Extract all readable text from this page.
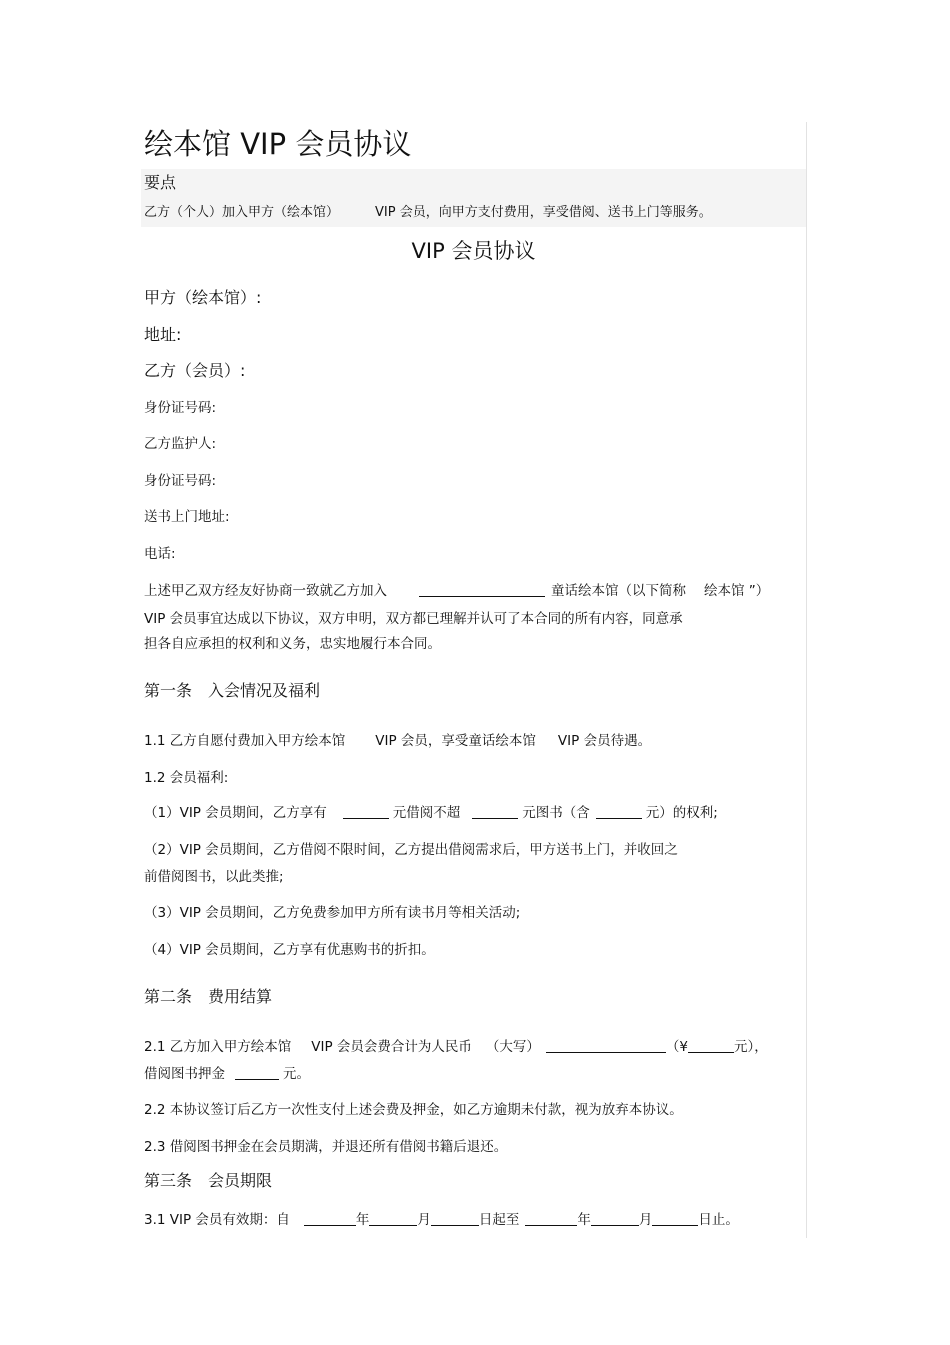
绘本馆 VIP 会员协议
要点
乙方（个人）加入甲方（绘本馆）	VIP 会员，向甲方支付费用，享受借阅、送书上门等服务。
VIP 会员协议
甲方（绘本馆）:
地址:
乙方（会员）:
身份证号码:
乙方监护人:
身份证号码:
送书上门地址:
电话:
上述甲乙双方经友好协商一致就乙方加入	童话绘本馆（以下简称 绘本馆 ”）
VIP 会员事宜达成以下协议，双方申明，双方都已理解并认可了本合同的所有内容，同意承
担各自应承担的权利和义务，忠实地履行本合同。
第一条　入会情况及福利
1.1 乙方自愿付费加入甲方绘本馆 VIP 会员，享受童话绘本馆 VIP 会员待遇。
1.2 会员福利:
（1）VIP 会员期间，乙方享有	元借阅不超	元图书（含	元）的权利;
（2）VIP 会员期间，乙方借阅不限时间，乙方提出借阅需求后，甲方送书上门，并收回之
前借阅图书，以此类推;
（3）VIP 会员期间，乙方免费参加甲方所有读书月等相关活动;
（4）VIP 会员期间，乙方享有优惠购书的折扣。
第二条　费用结算
2.1 乙方加入甲方绘本馆 VIP 会员会费合计为人民币 （大写）	（¥	元），
借阅图书押金	元。
2.2 本协议签订后乙方一次性支付上述会费及押金，如乙方逾期未付款，视为放弃本协议。
2.3 借阅图书押金在会员期满，并退还所有借阅书籍后退还。
第三条　会员期限
3.1 VIP 会员有效期：自	年	月	日起至	年	月	日止。
